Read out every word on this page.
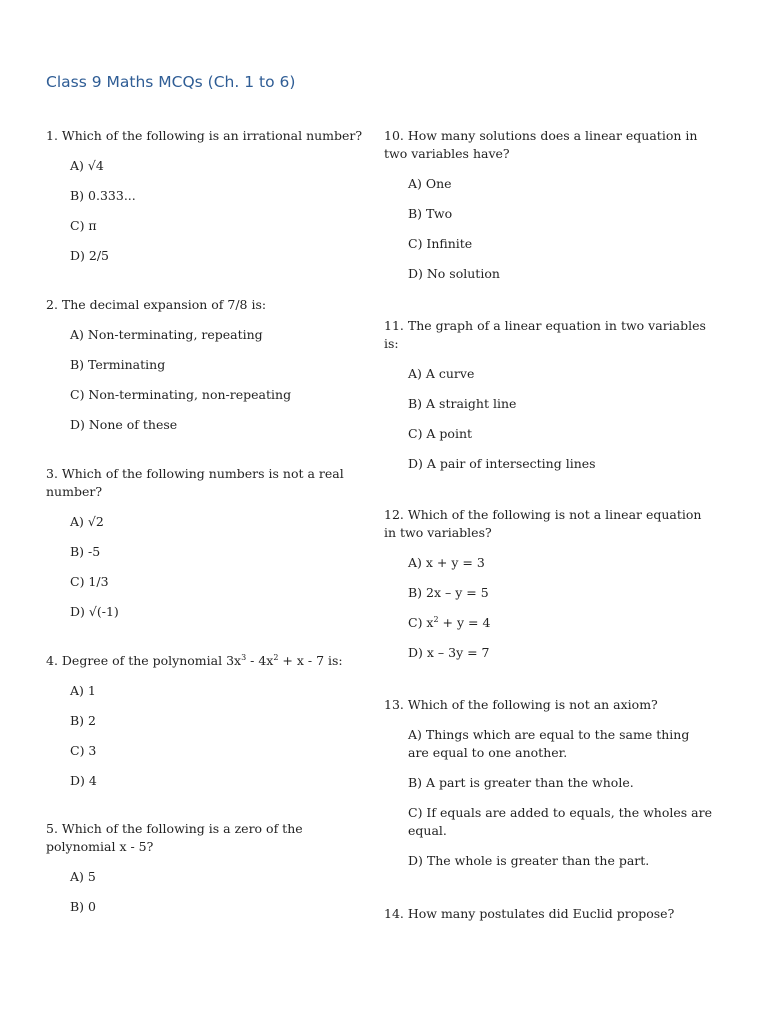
Class 9 Maths MCQs (Ch. 1 to 6)

1. Which of the following is an irrational number?

A) √4
B) 0.333...
C) π
D) 2/5

2. The decimal expansion of 7/8 is:

A) Non-terminating, repeating
B) Terminating
C) Non-terminating, non-repeating
D) None of these

3. Which of the following numbers is not a real number?

A) √2
B) -5
C) 1/3
D) √(-1)

4. Degree of the polynomial $3x^3 - 4x^2 + x - 7$ is:

A) 1
B) 2
C) 3
D) 4

5. Which of the following is a zero of the polynomial x - 5?

A) 5
B) 0

10. How many solutions does a linear equation in two variables have?

A) One
B) Two
C) Infinite
D) No solution

11. The graph of a linear equation in two variables is:

A) A curve
B) A straight line
C) A point
D) A pair of intersecting lines

12. Which of the following is not a linear equation in two variables?

A) x + y = 3
B) 2x – y = 5
C) $x^2 + y = 4$
D) x – 3y = 7

13. Which of the following is not an axiom?

A) Things which are equal to the same thing are equal to one another.
B) A part is greater than the whole.
C) If equals are added to equals, the wholes are equal.
D) The whole is greater than the part.

14. How many postulates did Euclid propose?
